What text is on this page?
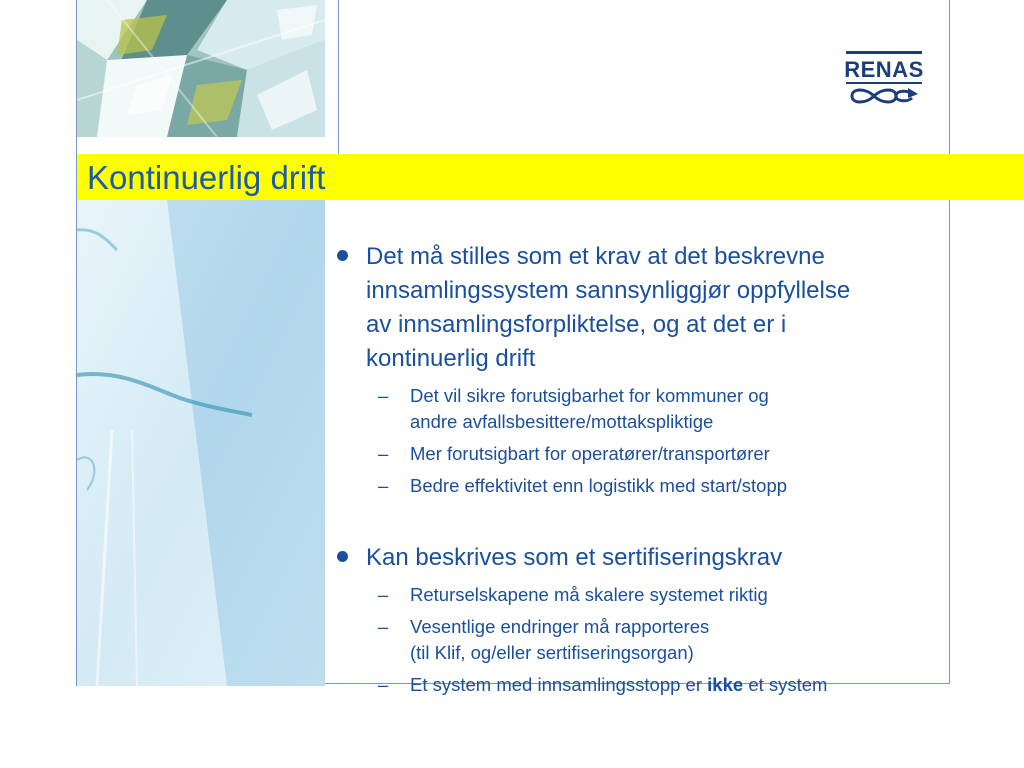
Kontinuerlig drift
RENAS
Det må stilles som et krav at det beskrevne
innsamlingssystem sannsynliggjør oppfyllelse
av innsamlingsforpliktelse, og at det er i
kontinuerlig drift
– Det vil sikre forutsigbarhet for kommuner og
andre avfallsbesittere/mottakspliktige
– Mer forutsigbart for operatører/transportører
– Bedre effektivitet enn logistikk med start/stopp
Kan beskrives som et sertifiseringskrav
– Returselskapene må skalere systemet riktig
– Vesentlige endringer må rapporteres
(til Klif, og/eller sertifiseringsorgan)
– Et system med innsamlingsstopp er ikke et system
